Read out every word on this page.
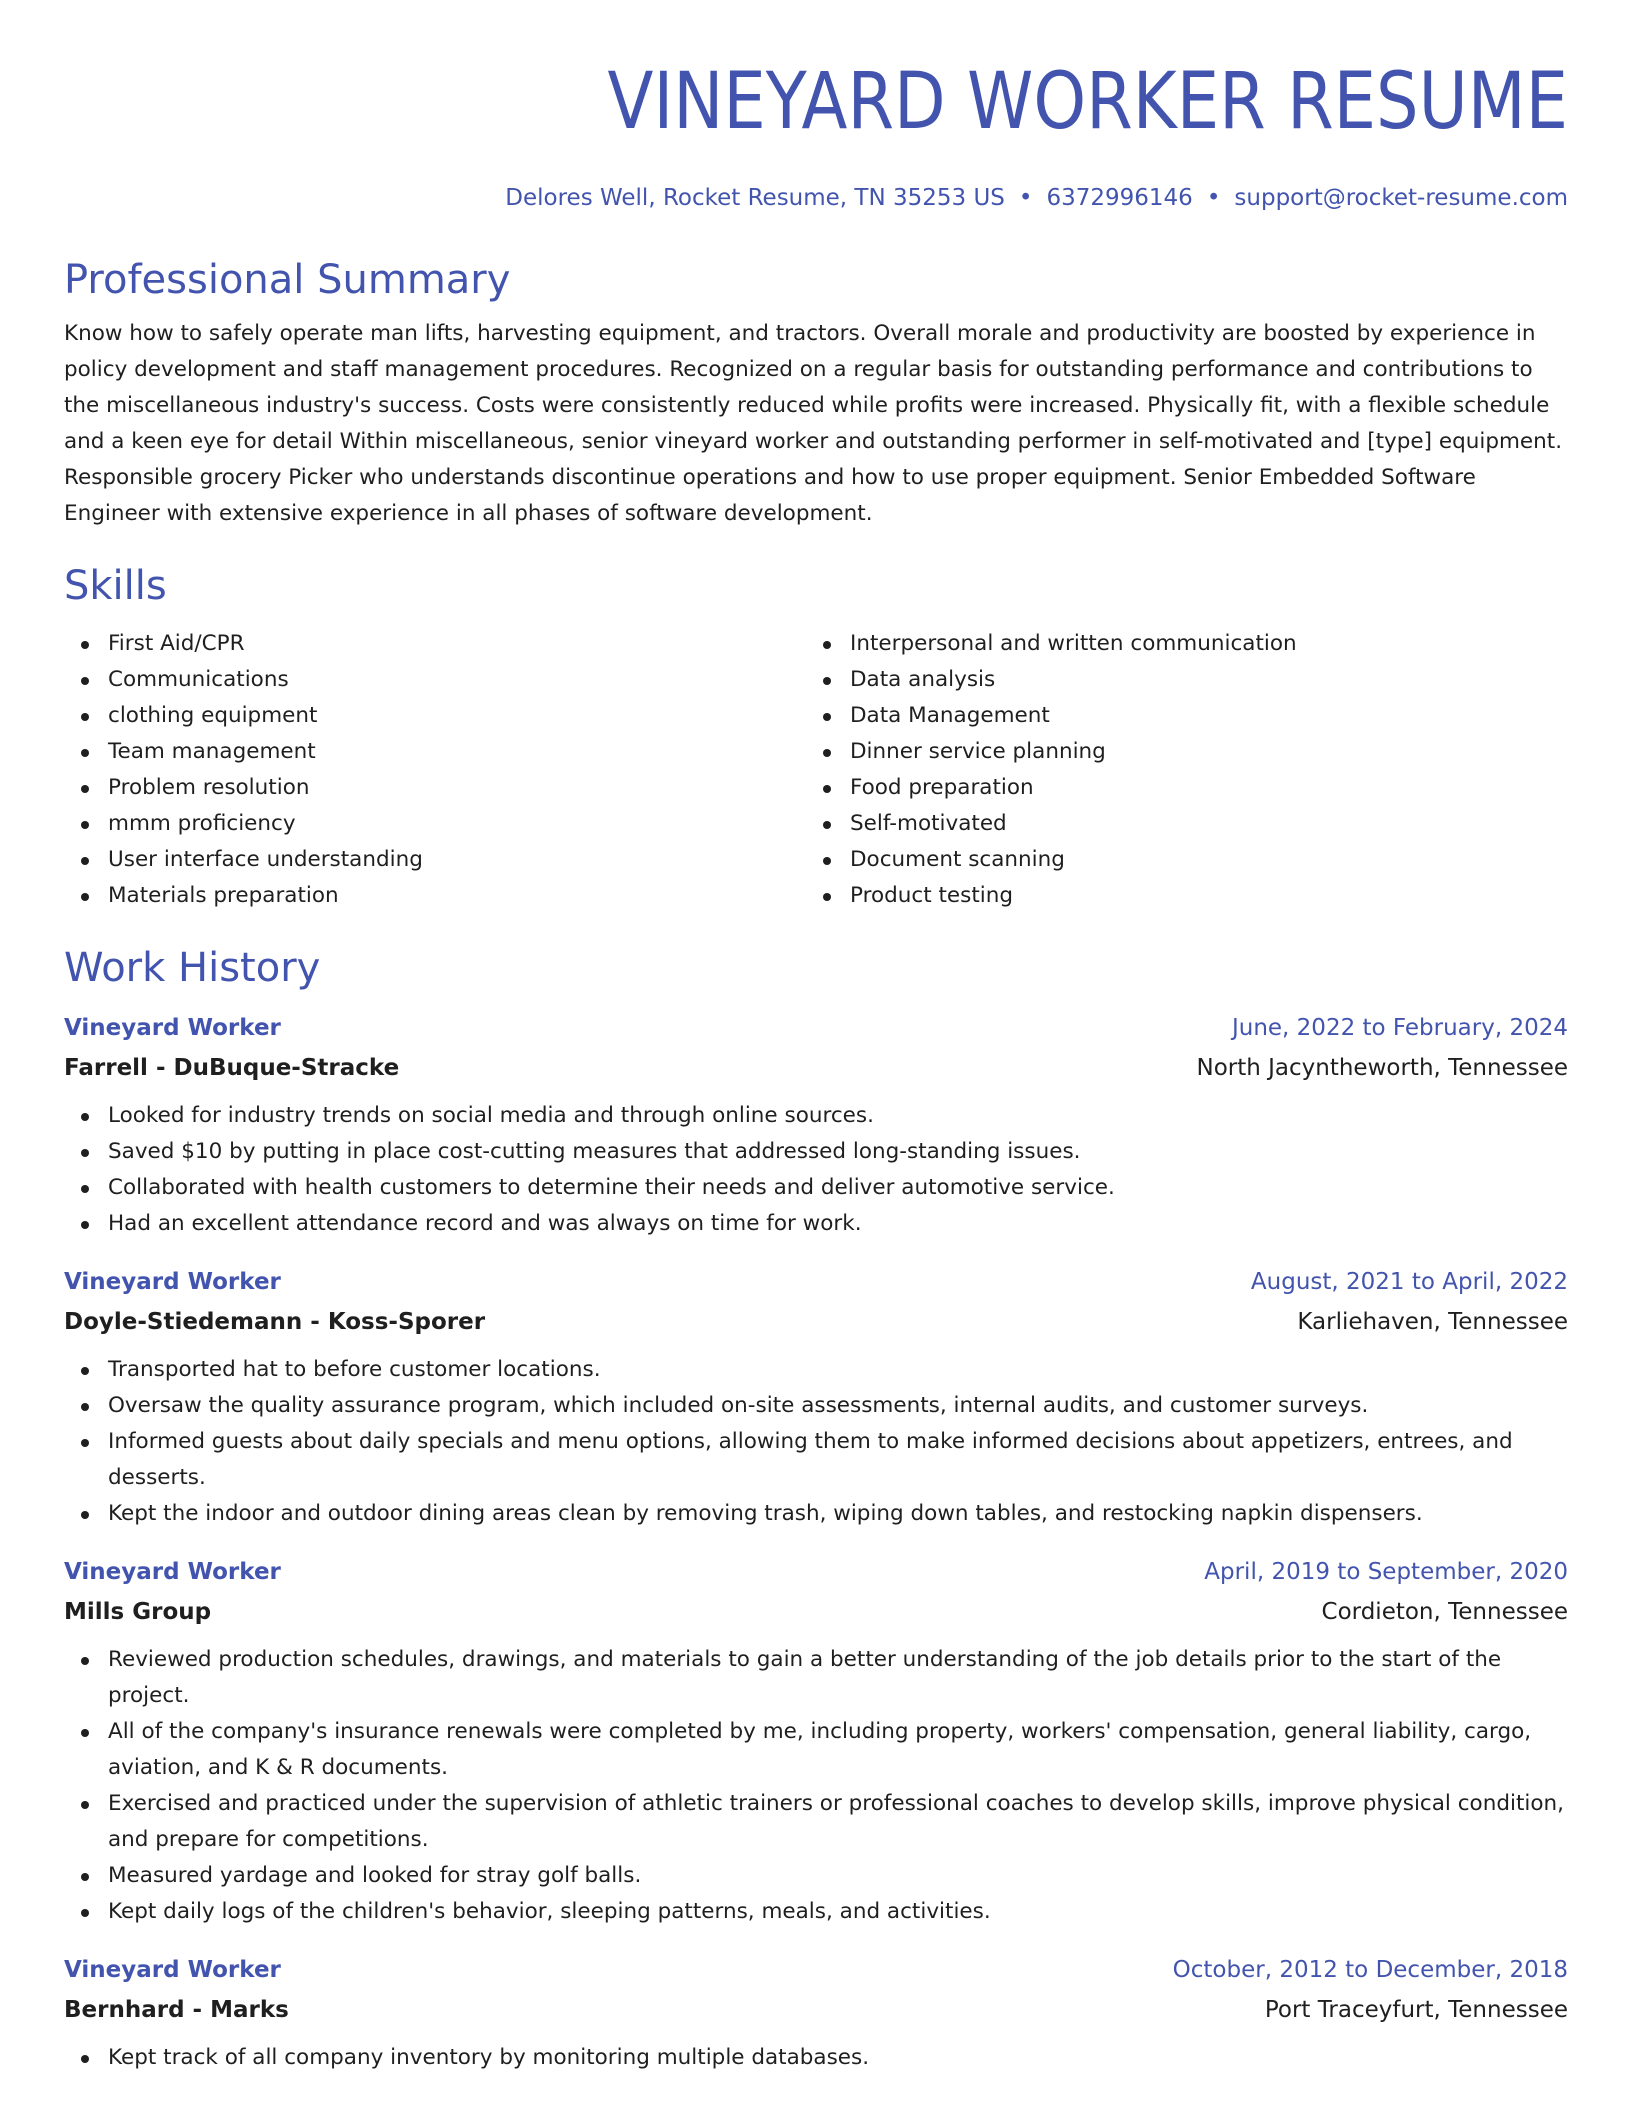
VINEYARD WORKER RESUME
Delores Well, Rocket Resume, TN 35253 US • 6372996146 • support@rocket-resume.com
Professional Summary

Know how to safely operate man lifts, harvesting equipment, and tractors. Overall morale and productivity are boosted by experience in policy development and staff management procedures. Recognized on a regular basis for outstanding performance and contributions to the miscellaneous industry's success. Costs were consistently reduced while profits were increased. Physically fit, with a flexible schedule and a keen eye for detail Within miscellaneous, senior vineyard worker and outstanding performer in self-motivated and [type] equipment. Responsible grocery Picker who understands discontinue operations and how to use proper equipment. Senior Embedded Software Engineer with extensive experience in all phases of software development.

Skills
First Aid/CPR
Communications
clothing equipment
Team management
Problem resolution
mmm proficiency
User interface understanding
Materials preparation
Interpersonal and written communication
Data analysis
Data Management
Dinner service planning
Food preparation
Self-motivated
Document scanning
Product testing
Work History
Vineyard Worker	June, 2022 to February, 2024
Farrell - DuBuque-Stracke	North Jacyntheworth, Tennessee
Looked for industry trends on social media and through online sources.
Saved $10 by putting in place cost-cutting measures that addressed long-standing issues.
Collaborated with health customers to determine their needs and deliver automotive service.
Had an excellent attendance record and was always on time for work.
Vineyard Worker	August, 2021 to April, 2022
Doyle-Stiedemann - Koss-Sporer	Karliehaven, Tennessee
Transported hat to before customer locations.
Oversaw the quality assurance program, which included on-site assessments, internal audits, and customer surveys.
Informed guests about daily specials and menu options, allowing them to make informed decisions about appetizers, entrees, and desserts.
Kept the indoor and outdoor dining areas clean by removing trash, wiping down tables, and restocking napkin dispensers.
Vineyard Worker	April, 2019 to September, 2020
Mills Group	Cordieton, Tennessee
Reviewed production schedules, drawings, and materials to gain a better understanding of the job details prior to the start of the project.
All of the company's insurance renewals were completed by me, including property, workers' compensation, general liability, cargo, aviation, and K & R documents.
Exercised and practiced under the supervision of athletic trainers or professional coaches to develop skills, improve physical condition, and prepare for competitions.
Measured yardage and looked for stray golf balls.
Kept daily logs of the children's behavior, sleeping patterns, meals, and activities.
Vineyard Worker	October, 2012 to December, 2018
Bernhard - Marks	Port Traceyfurt, Tennessee
Kept track of all company inventory by monitoring multiple databases.
